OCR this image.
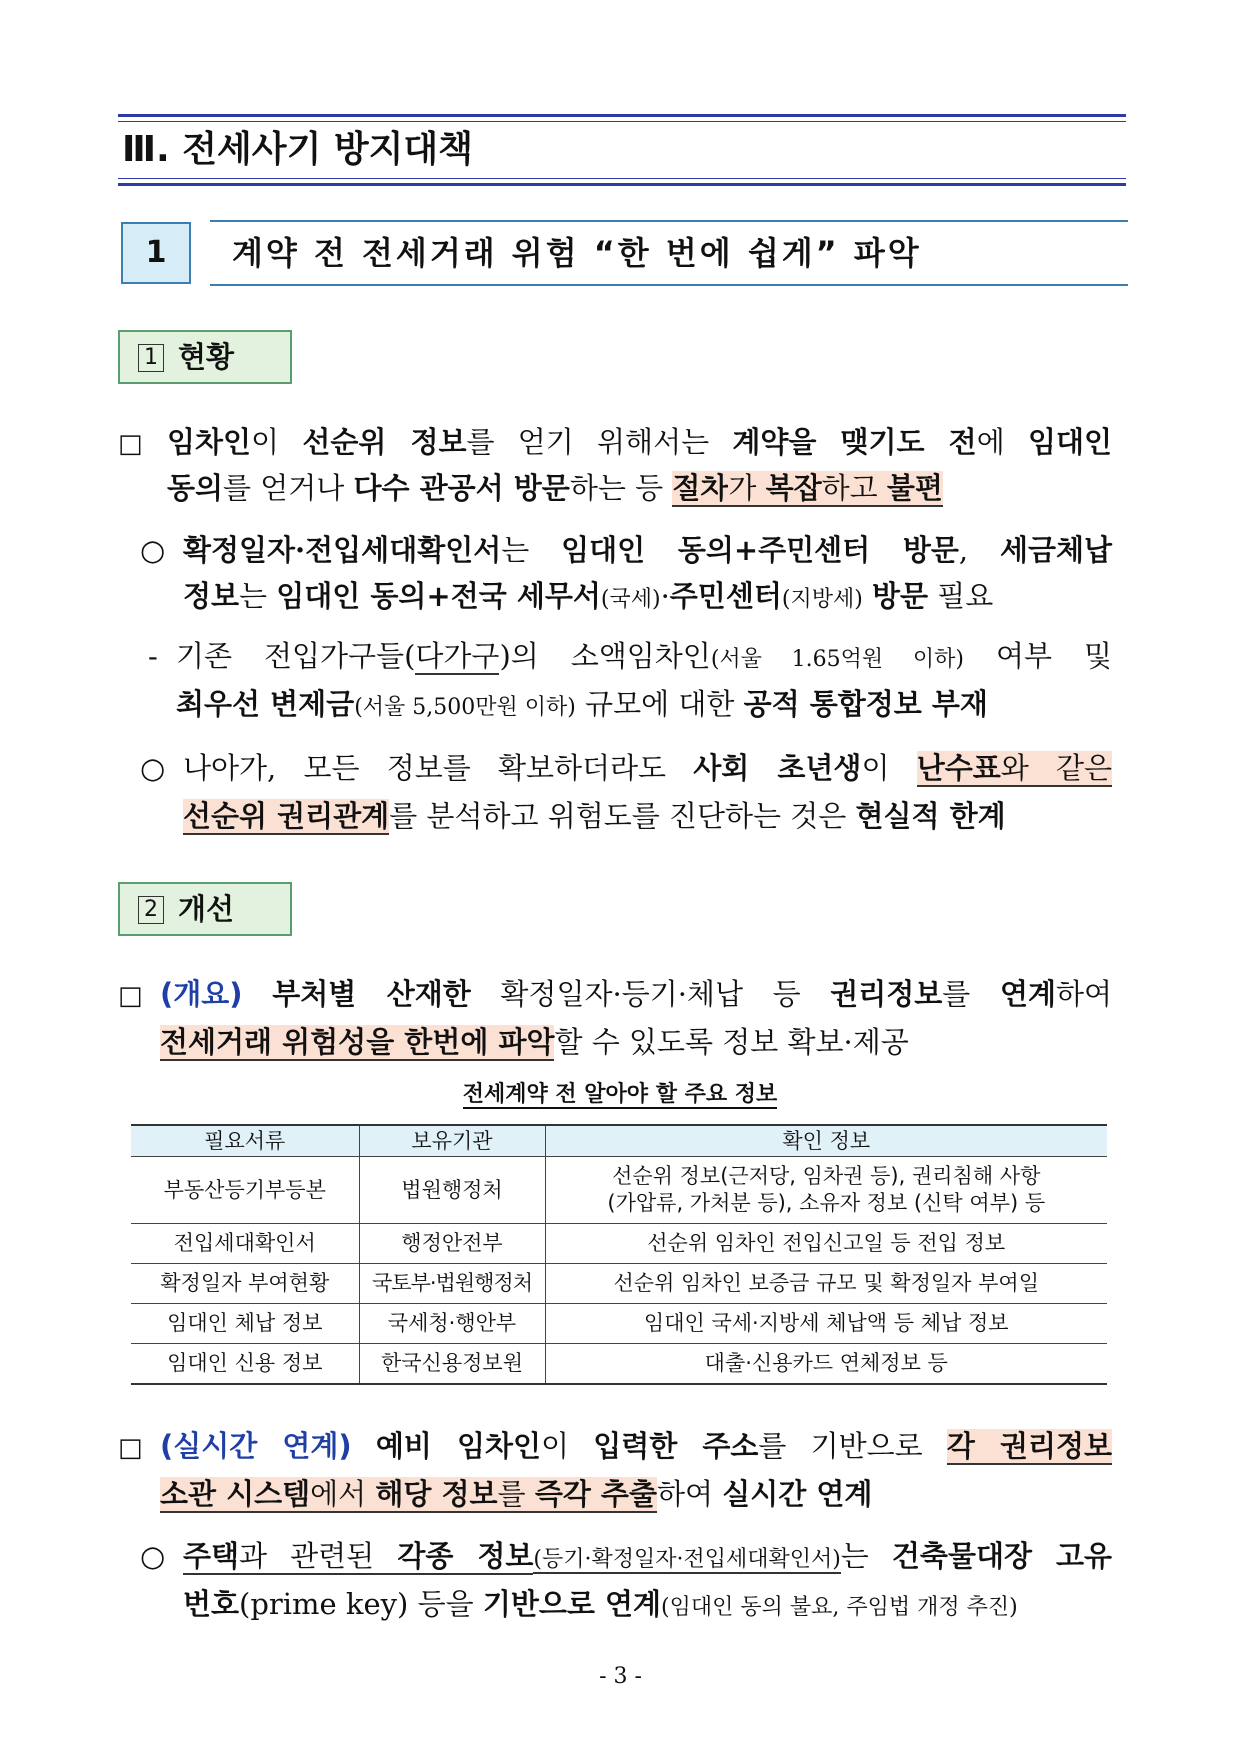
Ⅲ. 전세사기 방지대책
1	계약 전 전세거래 위험 “한 번에 쉽게” 파악
1 현황
□ 임차인이 선순위 정보를 얻기 위해서는 계약을 맺기도 전에 임대인
동의를 얻거나 다수 관공서 방문하는 등 절차가 복잡하고 불편
○ 확정일자·전입세대확인서는 임대인 동의+주민센터 방문, 세금체납
정보는 임대인 동의+전국 세무서(국세)·주민센터(지방세) 방문 필요
- 기존 전입가구들(다가구)의 소액임차인(서울 1.65억원 이하) 여부 및
최우선 변제금(서울 5,500만원 이하) 규모에 대한 공적 통합정보 부재
○ 나아가, 모든 정보를 확보하더라도 사회 초년생이 난수표와 같은
선순위 권리관계를 분석하고 위험도를 진단하는 것은 현실적 한계
2 개선
□ (개요) 부처별 산재한 확정일자·등기·체납 등 권리정보를 연계하여
전세거래 위험성을 한번에 파악할 수 있도록 정보 확보·제공
전세계약 전 알아야 할 주요 정보
필요서류	보유기관	확인 정보
부동산등기부등본	법원행정처	선순위 정보(근저당, 임차권 등), 권리침해 사항
(가압류, 가처분 등), 소유자 정보 (신탁 여부) 등

전입세대확인서	행정안전부	선순위 임차인 전입신고일 등 전입 정보
확정일자 부여현황	국토부·법원행정처	선순위 임차인 보증금 규모 및 확정일자 부여일
임대인 체납 정보	국세청·행안부	임대인 국세·지방세 체납액 등 체납 정보
임대인 신용 정보	한국신용정보원	대출·신용카드 연체정보 등
□ (실시간 연계) 예비 임차인이 입력한 주소를 기반으로 각 권리정보
소관 시스템에서 해당 정보를 즉각 추출하여 실시간 연계
○ 주택과 관련된 각종 정보(등기·확정일자·전입세대확인서)는 건축물대장 고유
번호(prime key) 등을 기반으로 연계(임대인 동의 불요, 주임법 개정 추진)
- 3 -
